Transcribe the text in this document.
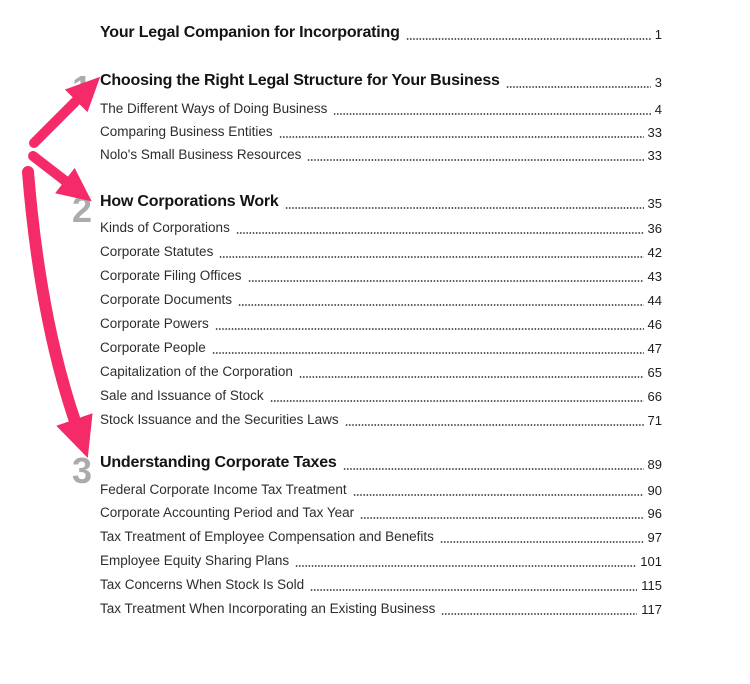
Your Legal Companion for Incorporating	1
1 Choosing the Right Legal Structure for Your Business	3
The Different Ways of Doing Business	4
Comparing Business Entities	33
Nolo's Small Business Resources	33
2 How Corporations Work	35
Kinds of Corporations	36
Corporate Statutes	42
Corporate Filing Offices	43
Corporate Documents	44
Corporate Powers	46
Corporate People	47
Capitalization of the Corporation	65
Sale and Issuance of Stock	66
Stock Issuance and the Securities Laws	71
3 Understanding Corporate Taxes	89
Federal Corporate Income Tax Treatment	90
Corporate Accounting Period and Tax Year	96
Tax Treatment of Employee Compensation and Benefits	97
Employee Equity Sharing Plans	101
Tax Concerns When Stock Is Sold	115
Tax Treatment When Incorporating an Existing Business	117
